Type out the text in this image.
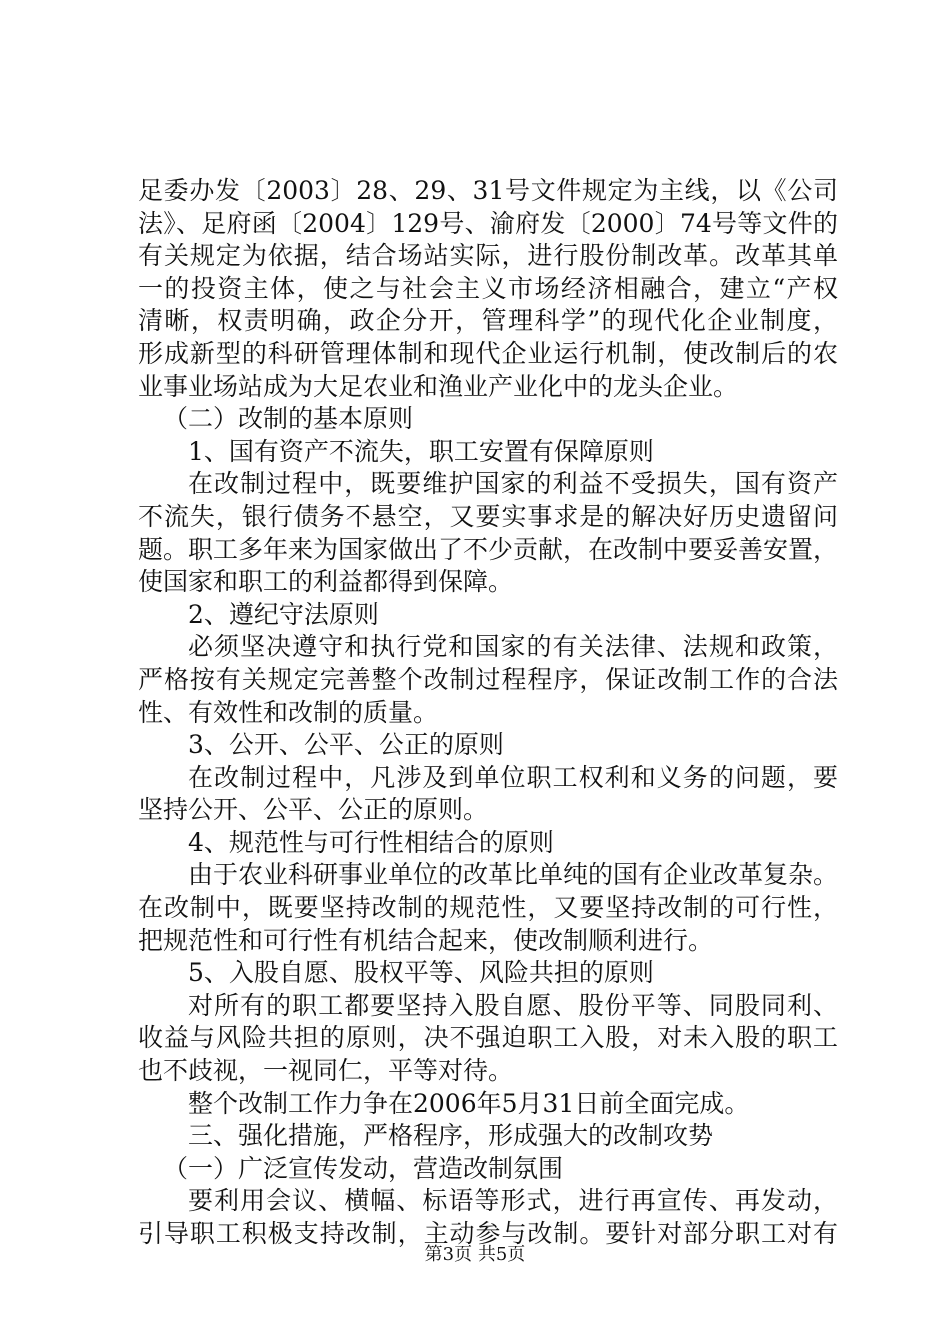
足委办发〔2003〕28、29、31号文件规定为主线，以《公司
法》、足府函〔2004〕129号、渝府发〔2000〕74号等文件的
有关规定为依据，结合场站实际，进行股份制改革。改革其单
一的投资主体，使之与社会主义市场经济相融合，建立“产权
清晰，权责明确，政企分开，管理科学”的现代化企业制度，
形成新型的科研管理体制和现代企业运行机制，使改制后的农
业事业场站成为大足农业和渔业产业化中的龙头企业。
（二）改制的基本原则
1、国有资产不流失，职工安置有保障原则
在改制过程中，既要维护国家的利益不受损失，国有资产
不流失，银行债务不悬空，又要实事求是的解决好历史遗留问
题。职工多年来为国家做出了不少贡献，在改制中要妥善安置，
使国家和职工的利益都得到保障。
2、遵纪守法原则
必须坚决遵守和执行党和国家的有关法律、法规和政策，
严格按有关规定完善整个改制过程程序，保证改制工作的合法
性、有效性和改制的质量。
3、公开、公平、公正的原则
在改制过程中，凡涉及到单位职工权利和义务的问题，要
坚持公开、公平、公正的原则。
4、规范性与可行性相结合的原则
由于农业科研事业单位的改革比单纯的国有企业改革复杂。
在改制中，既要坚持改制的规范性，又要坚持改制的可行性，
把规范性和可行性有机结合起来，使改制顺利进行。
5、入股自愿、股权平等、风险共担的原则
对所有的职工都要坚持入股自愿、股份平等、同股同利、
收益与风险共担的原则，决不强迫职工入股，对未入股的职工
也不歧视，一视同仁，平等对待。
整个改制工作力争在2006年5月31日前全面完成。
三、强化措施，严格程序，形成强大的改制攻势
（一）广泛宣传发动，营造改制氛围
要利用会议、横幅、标语等形式，进行再宣传、再发动，
引导职工积极支持改制，主动参与改制。要针对部分职工对有
第3页 共5页
